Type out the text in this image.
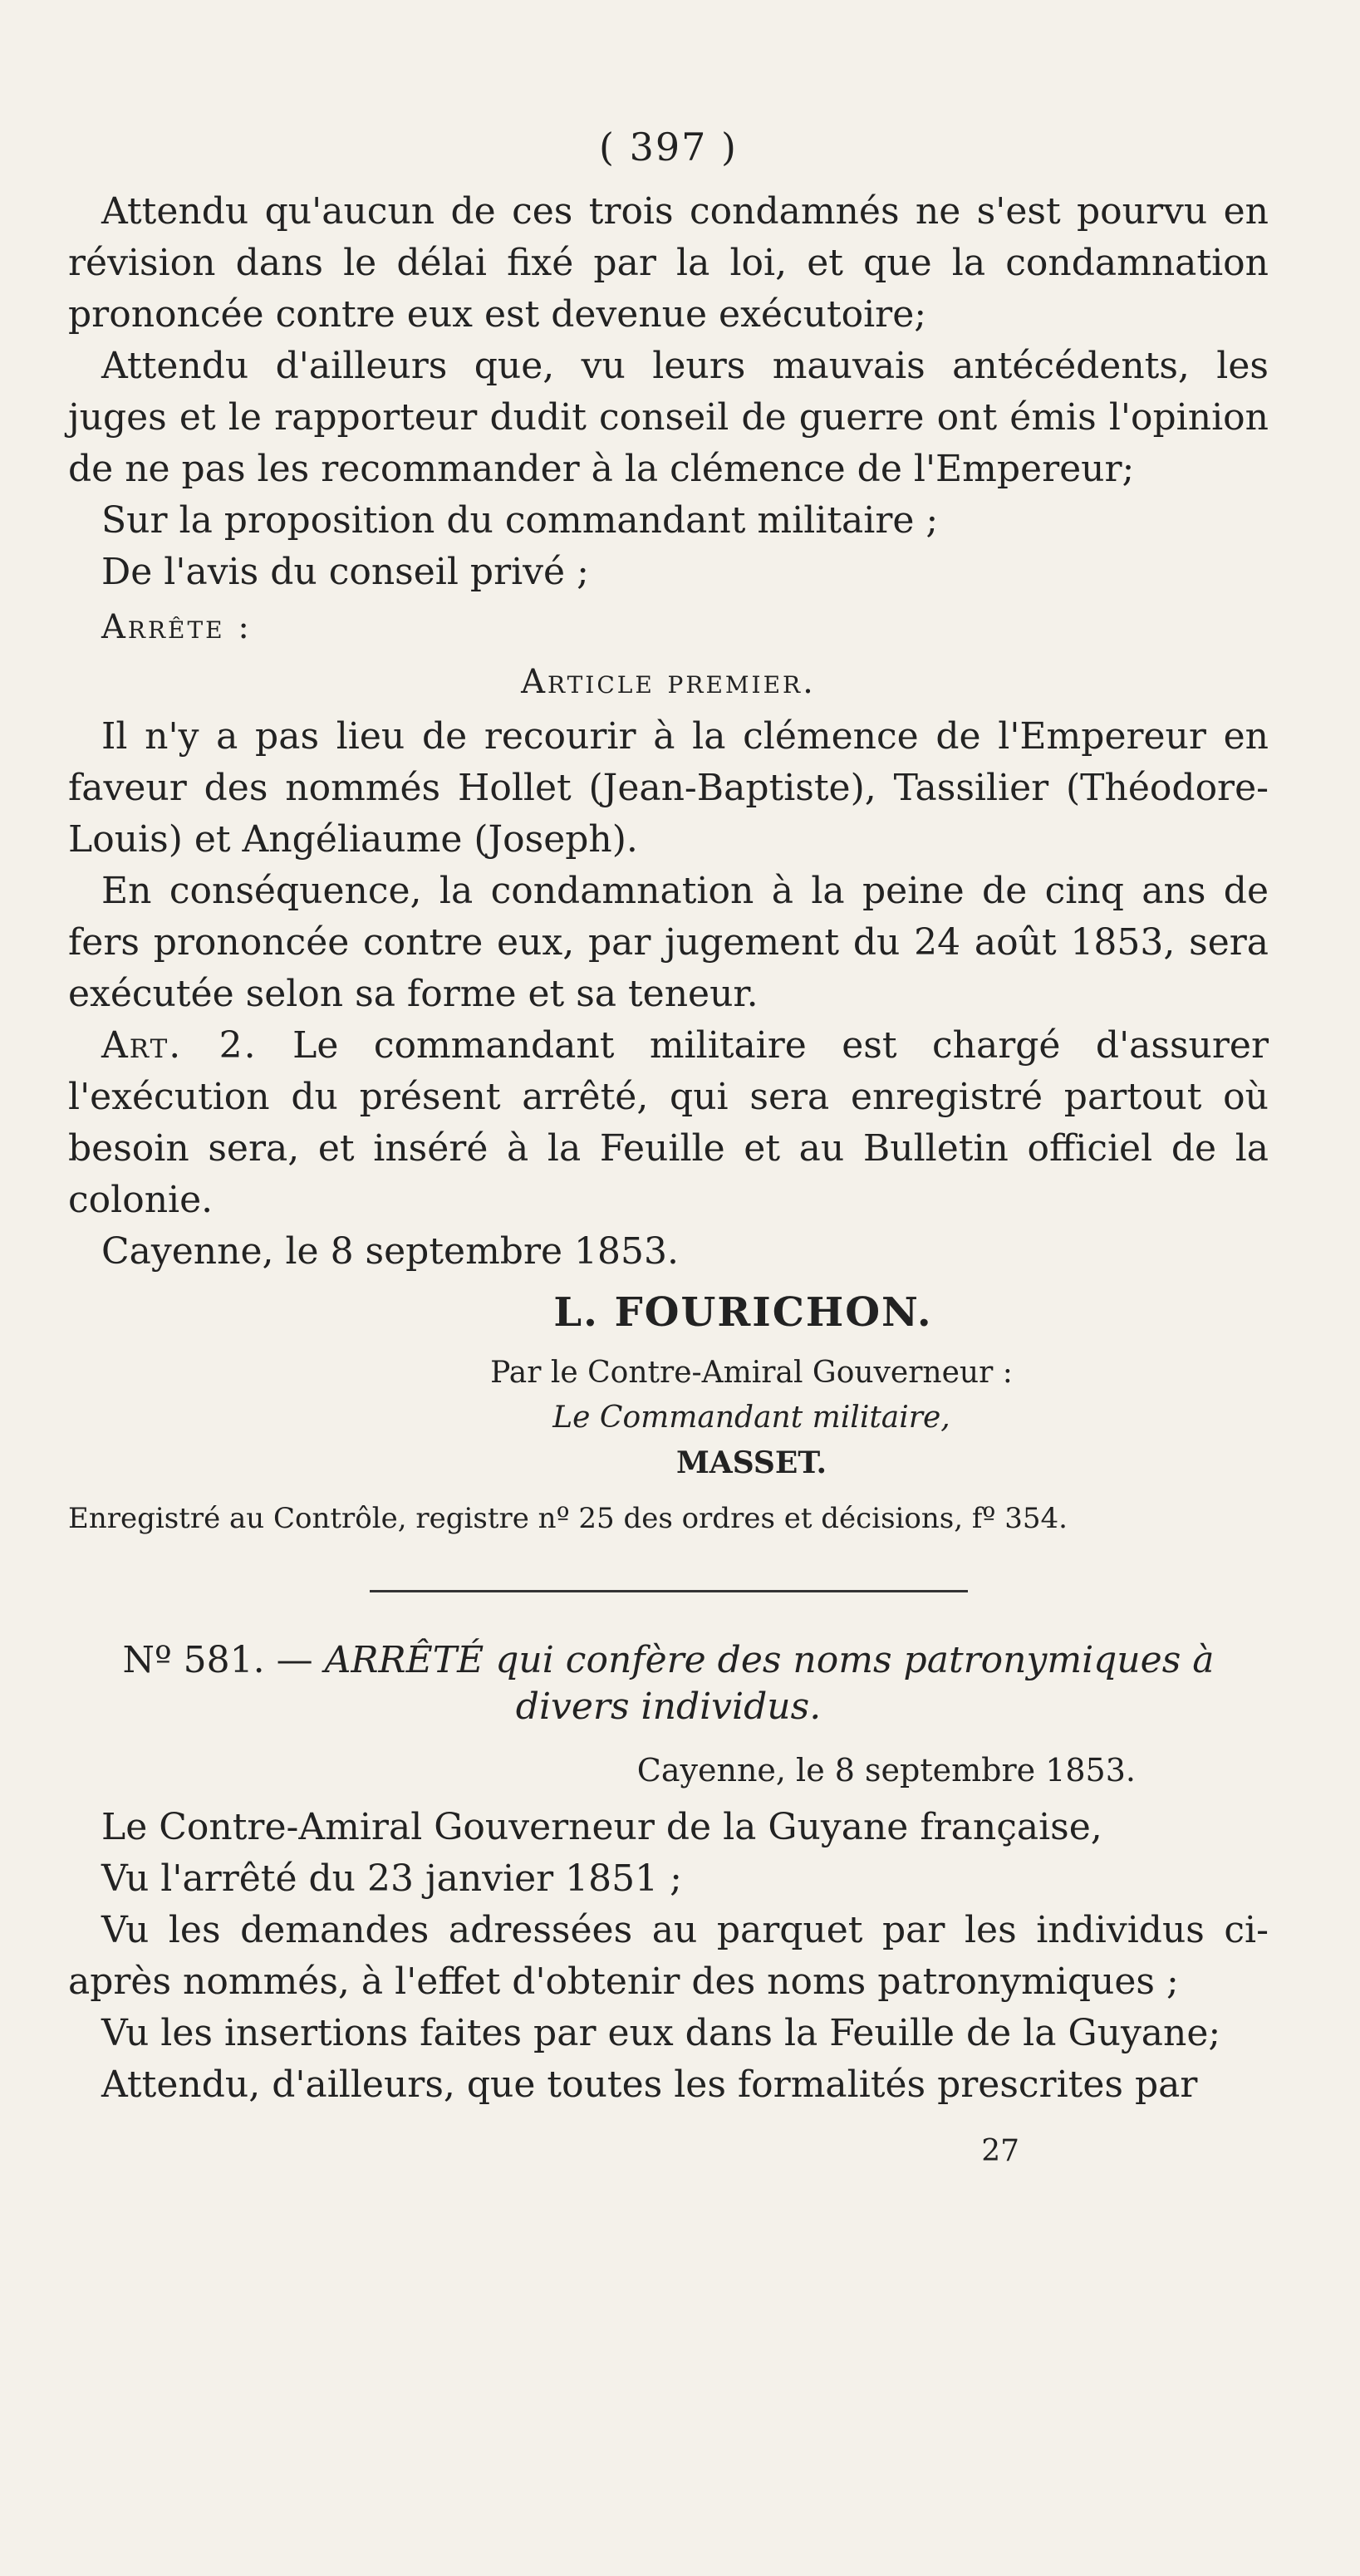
( 397 )

Attendu qu'aucun de ces trois condamnés ne s'est pourvu en révision dans le délai fixé par la loi, et que la condamnation prononcée contre eux est devenue exécutoire;

Attendu d'ailleurs que, vu leurs mauvais antécédents, les juges et le rapporteur dudit conseil de guerre ont émis l'opinion de ne pas les recommander à la clémence de l'Empereur;

Sur la proposition du commandant militaire ;

De l'avis du conseil privé ;

Arrête :

Article premier.

Il n'y a pas lieu de recourir à la clémence de l'Empereur en faveur des nommés Hollet (Jean-Baptiste), Tassilier (Théodore-Louis) et Angéliaume (Joseph).

En conséquence, la condamnation à la peine de cinq ans de fers prononcée contre eux, par jugement du 24 août 1853, sera exécutée selon sa forme et sa teneur.

Art. 2. Le commandant militaire est chargé d'assurer l'exécution du présent arrêté, qui sera enregistré partout où besoin sera, et inséré à la Feuille et au Bulletin officiel de la colonie.

Cayenne, le 8 septembre 1853.

L. FOURICHON.

Par le Contre-Amiral Gouverneur :

Le Commandant militaire,

MASSET.

Enregistré au Contrôle, registre nº 25 des ordres et décisions, fº 354.

Nº 581. — ARRÊTÉ qui confère des noms patronymiques à divers individus.

Cayenne, le 8 septembre 1853.

Le Contre-Amiral Gouverneur de la Guyane française,

Vu l'arrêté du 23 janvier 1851 ;

Vu les demandes adressées au parquet par les individus ci-après nommés, à l'effet d'obtenir des noms patronymiques ;

Vu les insertions faites par eux dans la Feuille de la Guyane;

Attendu, d'ailleurs, que toutes les formalités prescrites par

27
